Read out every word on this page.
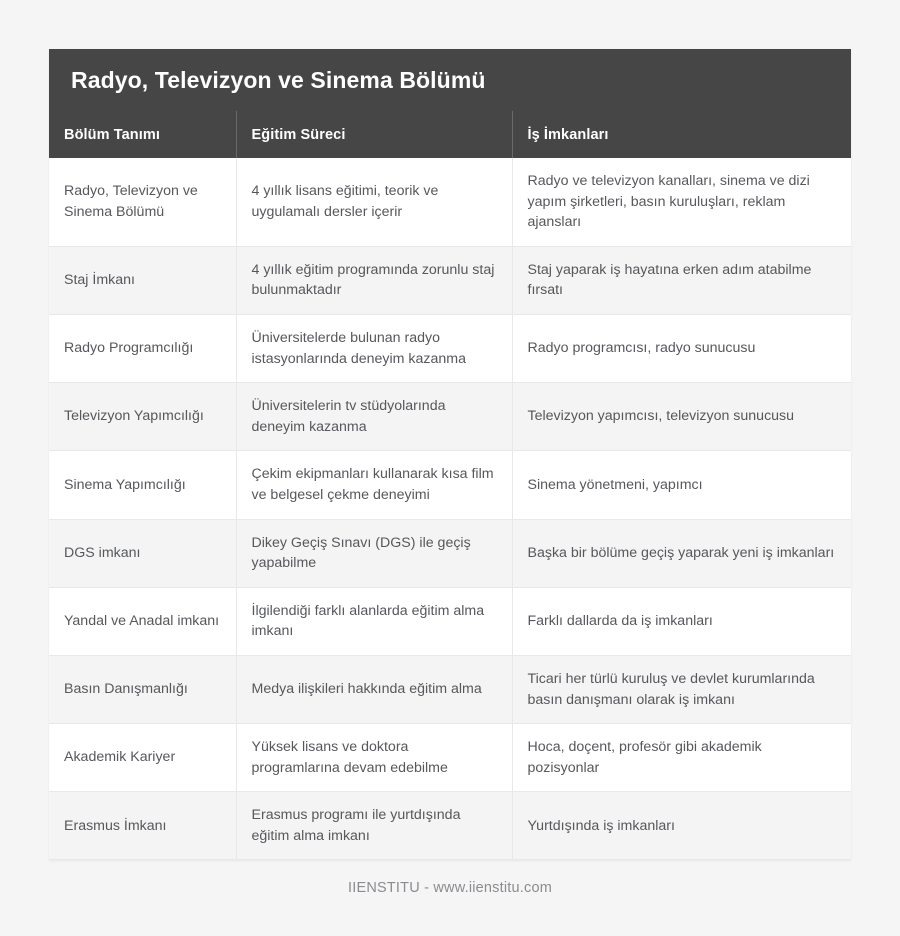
Radyo, Televizyon ve Sinema Bölümü
Bölüm Tanımı	Eğitim Süreci	İş İmkanları
Radyo, Televizyon ve Sinema Bölümü	4 yıllık lisans eğitimi, teorik ve uygulamalı dersler içerir	Radyo ve televizyon kanalları, sinema ve dizi yapım şirketleri, basın kuruluşları, reklam ajansları
Staj İmkanı	4 yıllık eğitim programında zorunlu staj bulunmaktadır	Staj yaparak iş hayatına erken adım atabilme fırsatı
Radyo Programcılığı	Üniversitelerde bulunan radyo istasyonlarında deneyim kazanma	Radyo programcısı, radyo sunucusu
Televizyon Yapımcılığı	Üniversitelerin tv stüdyolarında deneyim kazanma	Televizyon yapımcısı, televizyon sunucusu
Sinema Yapımcılığı	Çekim ekipmanları kullanarak kısa film ve belgesel çekme deneyimi	Sinema yönetmeni, yapımcı
DGS imkanı	Dikey Geçiş Sınavı (DGS) ile geçiş yapabilme	Başka bir bölüme geçiş yaparak yeni iş imkanları
Yandal ve Anadal imkanı	İlgilendiği farklı alanlarda eğitim alma imkanı	Farklı dallarda da iş imkanları
Basın Danışmanlığı	Medya ilişkileri hakkında eğitim alma	Ticari her türlü kuruluş ve devlet kurumlarında basın danışmanı olarak iş imkanı
Akademik Kariyer	Yüksek lisans ve doktora programlarına devam edebilme	Hoca, doçent, profesör gibi akademik pozisyonlar
Erasmus İmkanı	Erasmus programı ile yurtdışında eğitim alma imkanı	Yurtdışında iş imkanları
IIENSTITU - www.iienstitu.com
